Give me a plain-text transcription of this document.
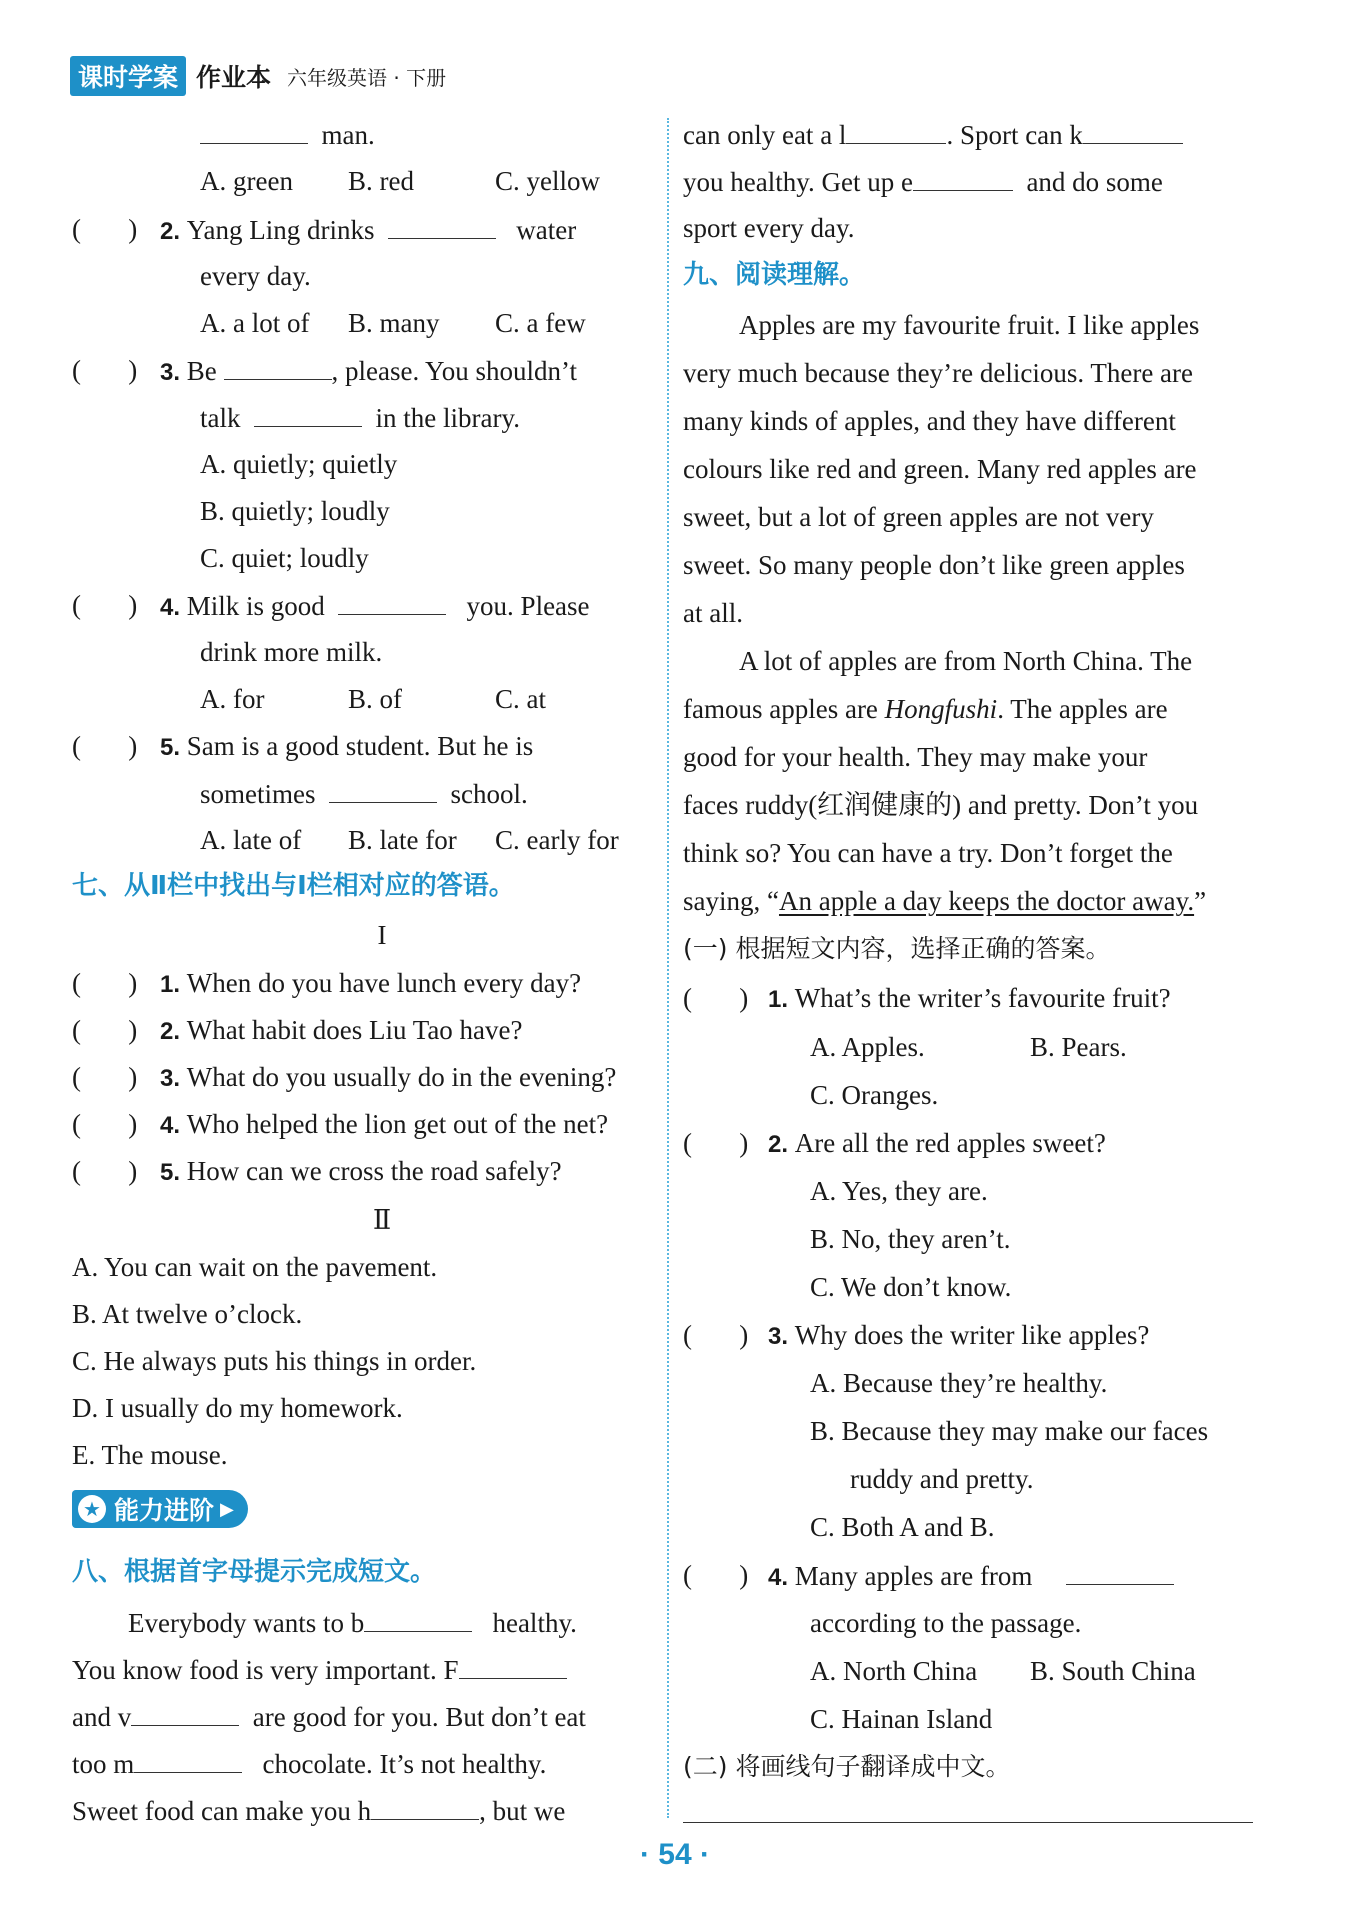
课时学案 作业本 六年级英语 · 下册
man.
A. green B. red	C. yellow
(       ) 2. Yang Ling drinks	water
every day.
A. a lot of B. many C. a few
(       ) 3. Be	, please. You shouldn’t
talk	in the library.
A. quietly; quietly
B. quietly; loudly
C. quiet; loudly
(       ) 4. Milk is good	you. Please
drink more milk.
A. for	B. of	C. at
(       ) 5. Sam is a good student. But he is
sometimes	school.
A. late of B. late for C. early for
七、从Ⅱ栏中找出与Ⅰ栏相对应的答语。
I
(       ) 1. When do you have lunch every day?
(       ) 2. What habit does Liu Tao have?
(       ) 3. What do you usually do in the evening?
(       ) 4. Who helped the lion get out of the net?
(       ) 5. How can we cross the road safely?
Ⅱ
A. You can wait on the pavement.
B. At twelve o’clock.
C. He always puts his things in order.
D. I usually do my homework.
E. The mouse.
★ 能力进阶 ▶
八、根据首字母提示完成短文。
Everybody wants to b	healthy.
You know food is very important. F
and v	are good for you. But don’t eat
too m	chocolate. It’s not healthy.
Sweet food can make you h	, but we
can only eat a l	. Sport can k
you healthy. Get up e	and do some
sport every day.
九、阅读理解。
Apples are my favourite fruit. I like apples
very much because they’re delicious. There are
many kinds of apples, and they have different
colours like red and green. Many red apples are
sweet, but a lot of green apples are not very
sweet. So many people don’t like green apples
at all.
A lot of apples are from North China. The
famous apples are Hongfushi. The apples are
good for your health. They may make your
faces ruddy(红润健康的) and pretty. Don’t you
think so? You can have a try. Don’t forget the
saying, “An apple a day keeps the doctor away.”
(一) 根据短文内容，选择正确的答案。
(       ) 1. What’s the writer’s favourite fruit?
A. Apples.	B. Pears.
C. Oranges.
(       ) 2. Are all the red apples sweet?
A. Yes, they are.
B. No, they aren’t.
C. We don’t know.
(       ) 3. Why does the writer like apples?
A. Because they’re healthy.
B. Because they may make our faces
ruddy and pretty.
C. Both A and B.
(       ) 4. Many apples are from
according to the passage.
A. North China B. South China
C. Hainan Island
(二) 将画线句子翻译成中文。
· 54 ·
